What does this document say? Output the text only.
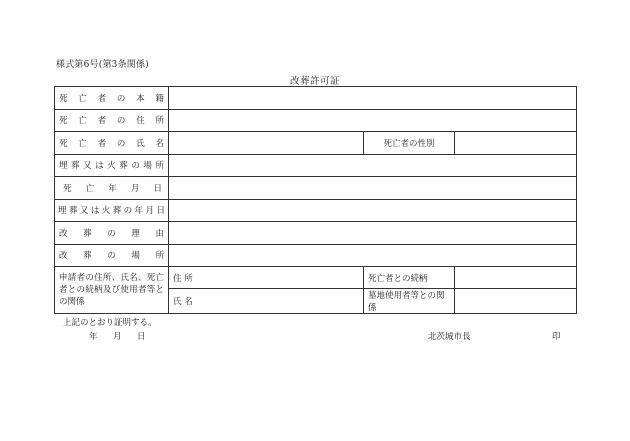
様式第6号(第3条関係)
改葬許可証
死亡者の本籍			
死亡者の住所			
死亡者の氏名		死亡者の性別	
埋葬又は火葬の場所			
死亡年月日			
埋葬又は火葬の年月日			
改葬の理由			
改葬の場所			
申請者の住所、氏名、死亡者との続柄及び使用者等との関係	住 所	死亡者との続柄	
	氏 名	墓地使用者等との関係	
上記のとおり証明する。
年 月 日	北茨城市長	印
